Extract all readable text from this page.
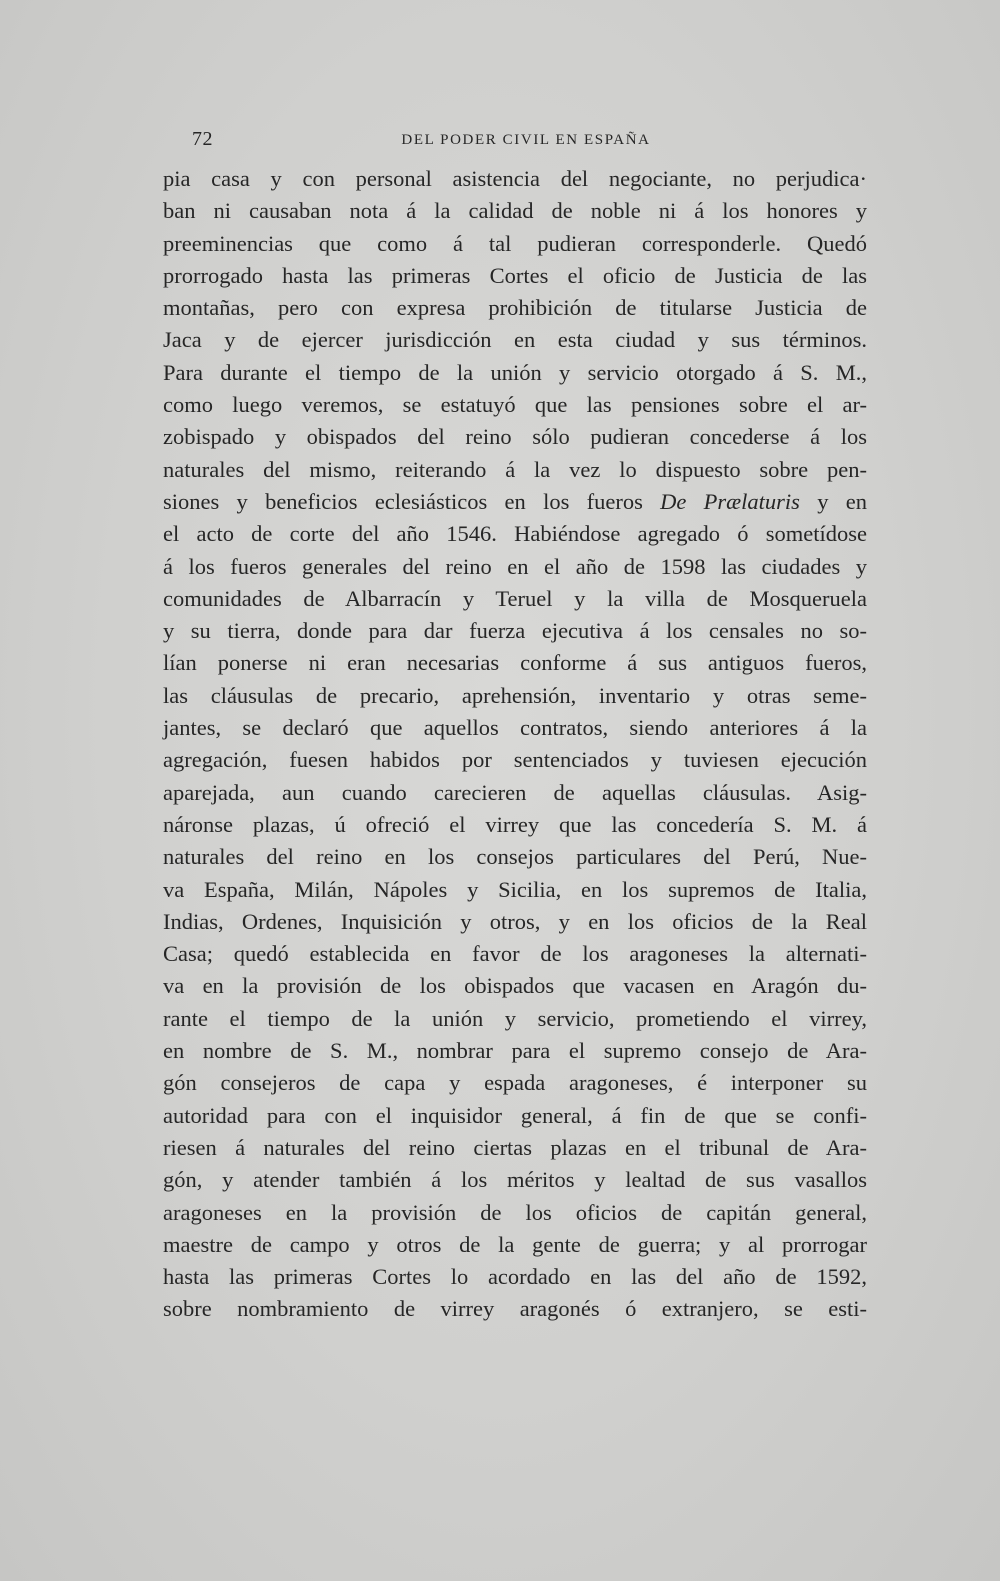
72	DEL PODER CIVIL EN ESPAÑA
pia casa y con personal asistencia del negociante, no perjudica·
ban ni causaban nota á la calidad de noble ni á los honores y
preeminencias que como á tal pudieran corresponderle. Quedó
prorrogado hasta las primeras Cortes el oficio de Justicia de las
montañas, pero con expresa prohibición de titularse Justicia de
Jaca y de ejercer jurisdicción en esta ciudad y sus términos.
Para durante el tiempo de la unión y servicio otorgado á S. M.,
como luego veremos, se estatuyó que las pensiones sobre el ar-
zobispado y obispados del reino sólo pudieran concederse á los
naturales del mismo, reiterando á la vez lo dispuesto sobre pen-
siones y beneficios eclesiásticos en los fueros De Prælaturis y en
el acto de corte del año 1546. Habiéndose agregado ó sometídose
á los fueros generales del reino en el año de 1598 las ciudades y
comunidades de Albarracín y Teruel y la villa de Mosqueruela
y su tierra, donde para dar fuerza ejecutiva á los censales no so-
lían ponerse ni eran necesarias conforme á sus antiguos fueros,
las cláusulas de precario, aprehensión, inventario y otras seme-
jantes, se declaró que aquellos contratos, siendo anteriores á la
agregación, fuesen habidos por sentenciados y tuviesen ejecución
aparejada, aun cuando carecieren de aquellas cláusulas. Asig-
náronse plazas, ú ofreció el virrey que las concedería S. M. á
naturales del reino en los consejos particulares del Perú, Nue-
va España, Milán, Nápoles y Sicilia, en los supremos de Italia,
Indias, Ordenes, Inquisición y otros, y en los oficios de la Real
Casa; quedó establecida en favor de los aragoneses la alternati-
va en la provisión de los obispados que vacasen en Aragón du-
rante el tiempo de la unión y servicio, prometiendo el virrey,
en nombre de S. M., nombrar para el supremo consejo de Ara-
gón consejeros de capa y espada aragoneses, é interponer su
autoridad para con el inquisidor general, á fin de que se confi-
riesen á naturales del reino ciertas plazas en el tribunal de Ara-
gón, y atender también á los méritos y lealtad de sus vasallos
aragoneses en la provisión de los oficios de capitán general,
maestre de campo y otros de la gente de guerra; y al prorrogar
hasta las primeras Cortes lo acordado en las del año de 1592,
sobre nombramiento de virrey aragonés ó extranjero, se esti-
